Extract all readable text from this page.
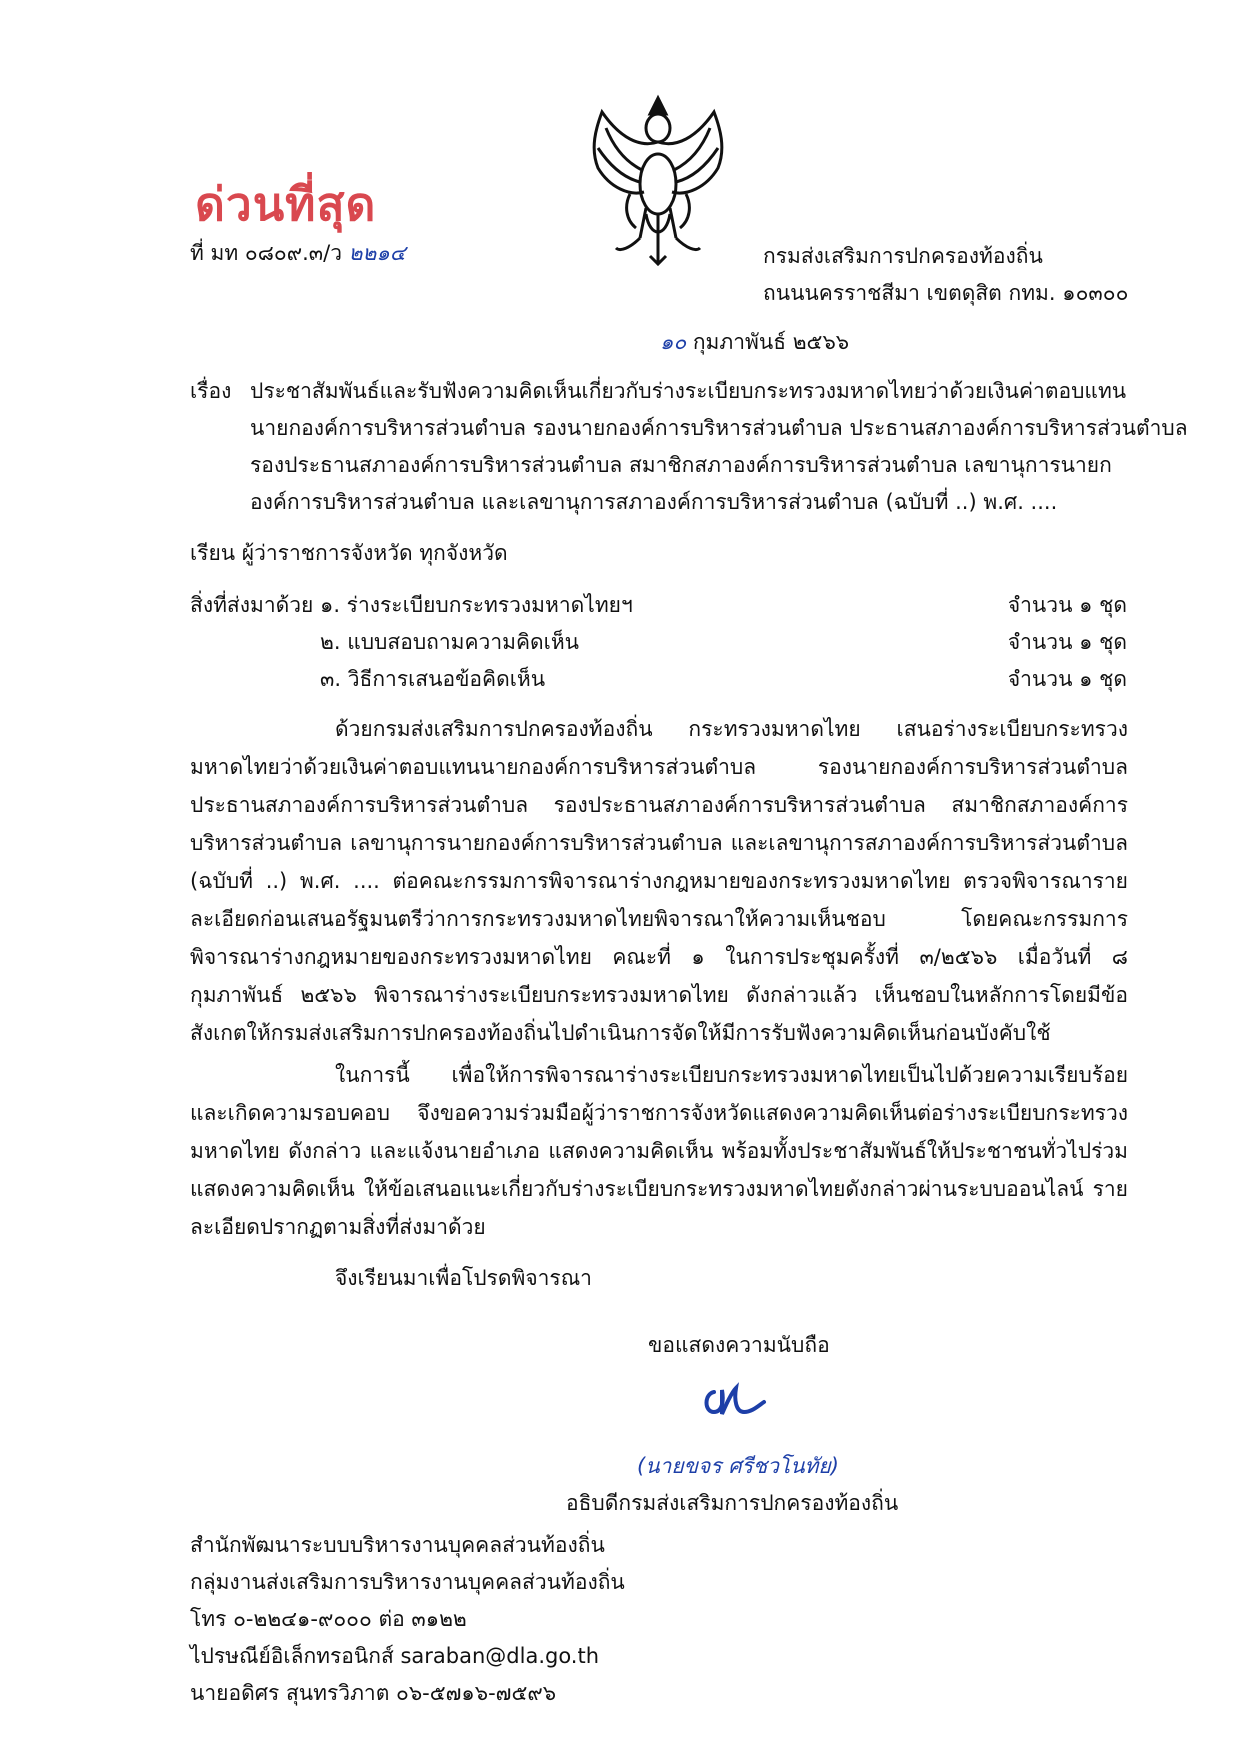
ด่วนที่สุด
ที่ มท ๐๘๐๙.๓/ว ๒๒๑๔	กรมส่งเสริมการปกครองท้องถิ่น
ถนนนครราชสีมา เขตดุสิต กทม. ๑๐๓๐๐
๑๐ กุมภาพันธ์ ๒๕๖๖
เรื่อง ประชาสัมพันธ์และรับฟังความคิดเห็นเกี่ยวกับร่างระเบียบกระทรวงมหาดไทยว่าด้วยเงินค่าตอบแทน
นายกองค์การบริหารส่วนตำบล รองนายกองค์การบริหารส่วนตำบล ประธานสภาองค์การบริหารส่วนตำบล
รองประธานสภาองค์การบริหารส่วนตำบล สมาชิกสภาองค์การบริหารส่วนตำบล เลขานุการนายก
องค์การบริหารส่วนตำบล และเลขานุการสภาองค์การบริหารส่วนตำบล (ฉบับที่ ..) พ.ศ. ....
เรียน ผู้ว่าราชการจังหวัด ทุกจังหวัด
สิ่งที่ส่งมาด้วย ๑. ร่างระเบียบกระทรวงมหาดไทยฯ	จำนวน ๑ ชุด
๒. แบบสอบถามความคิดเห็น	จำนวน ๑ ชุด
๓. วิธีการเสนอข้อคิดเห็น	จำนวน ๑ ชุด
ด้วยกรมส่งเสริมการปกครองท้องถิ่น กระทรวงมหาดไทย เสนอร่างระเบียบกระทรวงมหาดไทยว่าด้วยเงินค่าตอบแทนนายกองค์การบริหารส่วนตำบล รองนายกองค์การบริหารส่วนตำบล ประธานสภาองค์การบริหารส่วนตำบล รองประธานสภาองค์การบริหารส่วนตำบล สมาชิกสภาองค์การบริหารส่วนตำบล เลขานุการนายกองค์การบริหารส่วนตำบล และเลขานุการสภาองค์การบริหารส่วนตำบล (ฉบับที่ ..) พ.ศ. .... ต่อคณะกรรมการพิจารณาร่างกฎหมายของกระทรวงมหาดไทย ตรวจพิจารณารายละเอียดก่อนเสนอรัฐมนตรีว่าการกระทรวงมหาดไทยพิจารณาให้ความเห็นชอบ โดยคณะกรรมการพิจารณาร่างกฎหมายของกระทรวงมหาดไทย คณะที่ ๑ ในการประชุมครั้งที่ ๓/๒๕๖๖ เมื่อวันที่ ๘ กุมภาพันธ์ ๒๕๖๖ พิจารณาร่างระเบียบกระทรวงมหาดไทย ดังกล่าวแล้ว เห็นชอบในหลักการโดยมีข้อสังเกตให้กรมส่งเสริมการปกครองท้องถิ่นไปดำเนินการจัดให้มีการรับฟังความคิดเห็นก่อนบังคับใช้
ในการนี้ เพื่อให้การพิจารณาร่างระเบียบกระทรวงมหาดไทยเป็นไปด้วยความเรียบร้อยและเกิดความรอบคอบ จึงขอความร่วมมือผู้ว่าราชการจังหวัดแสดงความคิดเห็นต่อร่างระเบียบกระทรวงมหาดไทย ดังกล่าว และแจ้งนายอำเภอ แสดงความคิดเห็น พร้อมทั้งประชาสัมพันธ์ให้ประชาชนทั่วไปร่วมแสดงความคิดเห็น ให้ข้อเสนอแนะเกี่ยวกับร่างระเบียบกระทรวงมหาดไทยดังกล่าวผ่านระบบออนไลน์ รายละเอียดปรากฏตามสิ่งที่ส่งมาด้วย
จึงเรียนมาเพื่อโปรดพิจารณา
ขอแสดงความนับถือ
(นายขจร ศรีชวโนทัย)
อธิบดีกรมส่งเสริมการปกครองท้องถิ่น
สำนักพัฒนาระบบบริหารงานบุคคลส่วนท้องถิ่น
กลุ่มงานส่งเสริมการบริหารงานบุคคลส่วนท้องถิ่น
โทร ๐-๒๒๔๑-๙๐๐๐ ต่อ ๓๑๒๒
ไปรษณีย์อิเล็กทรอนิกส์ saraban@dla.go.th
นายอดิศร สุนทรวิภาต ๐๖-๕๗๑๖-๗๕๙๖
